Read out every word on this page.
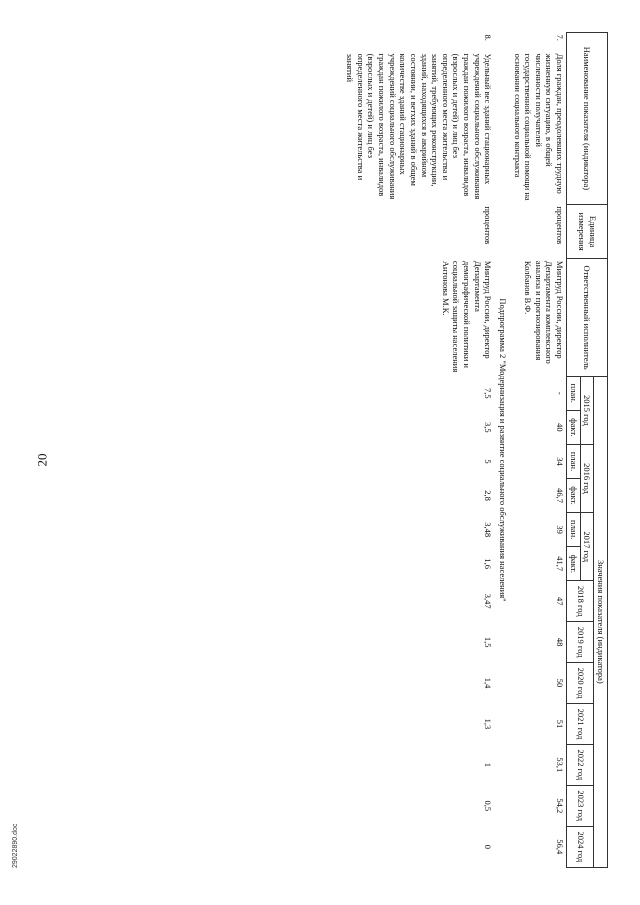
20
Наименование показателя (индикатора)		Единица измерения	Ответственный исполнитель	Значения показателя (индикатора)												
				2015 год		2016 год		2017 год		2018 год	2019 год	2020 год	2021 год	2022 год	2023 год	2024 год
				план.	факт.	план.	факт.	план.	факт.							
7.	Доля граждан, преодолевших трудную жизненную ситуацию, в общей численности получателей государственной социальной помощи на основании социального контракта	процентов	Минтруд России, директор Департамента комплексного анализа и прогнозирования Колбанов В.Ф.	-	40	34	46,7	39	41,7	47	48	50	51	53,1	54,2	56,4
Подпрограмма 2 "Модернизация и развитие социального обслуживания населения"																
8.	Удельный вес зданий стационарных учреждений социального обслуживания граждан пожилого возраста, инвалидов (взрослых и детей) и лиц без определенного места жительства и занятий, требующих реконструкции, зданий, находящихся в аварийном состоянии, и ветхих зданий в общем количестве зданий стационарных учреждений социального обслуживания граждан пожилого возраста, инвалидов (взрослых и детей) и лиц без определенного места жительства и занятий	процентов	Минтруд России, директор Департамента демографической политики и социальной защиты населения Антонова М.К.	7,5	3,5	5	2,8	3,48	1,6	3,47	1,5	1,4	1,3	1	0,5	0
29022890.doc
